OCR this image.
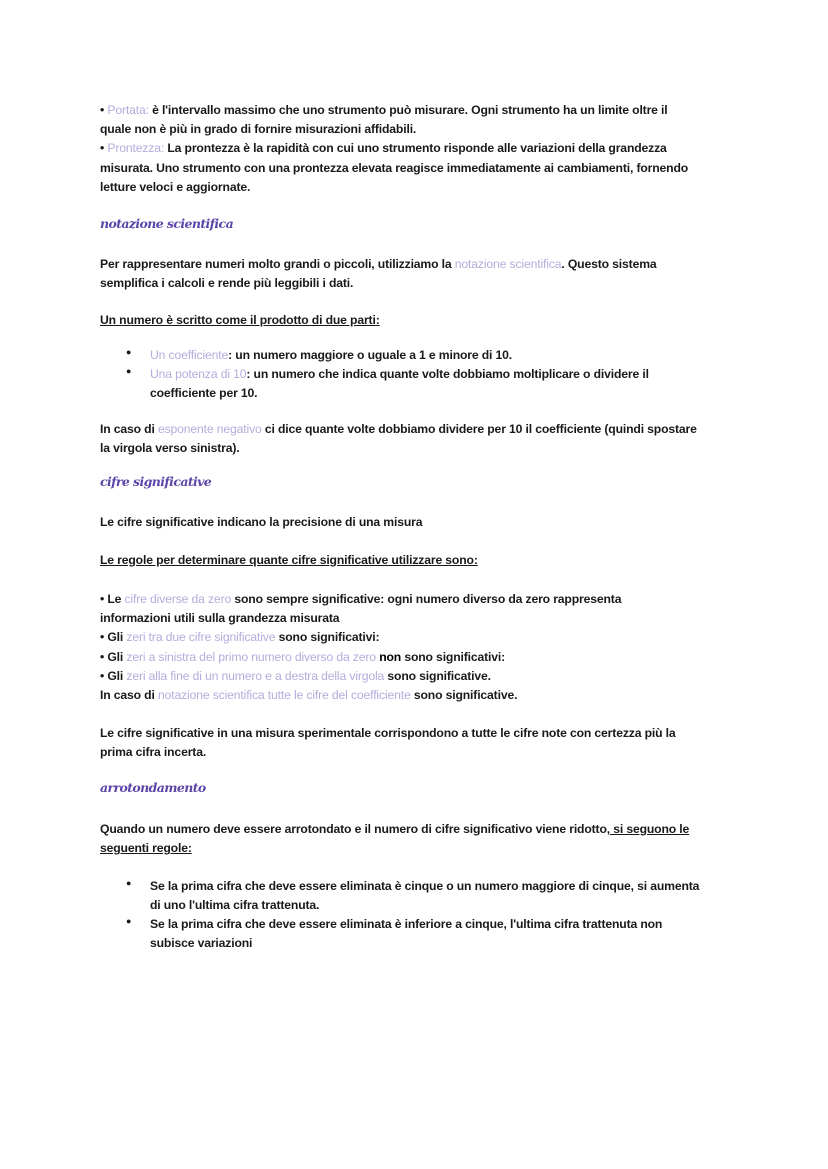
• Portata: è l'intervallo massimo che uno strumento può misurare. Ogni strumento ha un limite oltre il
quale non è più in grado di fornire misurazioni affidabili.
• Prontezza: La prontezza è la rapidità con cui uno strumento risponde alle variazioni della grandezza
misurata. Uno strumento con una prontezza elevata reagisce immediatamente ai cambiamenti, fornendo
letture veloci e aggiornate.
notazione scientifica
Per rappresentare numeri molto grandi o piccoli, utilizziamo la notazione scientifica. Questo sistema
semplifica i calcoli e rende più leggibili i dati.
Un numero è scritto come il prodotto di due parti:
● Un coefficiente: un numero maggiore o uguale a 1 e minore di 10.
● Una potenza di 10: un numero che indica quante volte dobbiamo moltiplicare o dividere il
coefficiente per 10.
In caso di esponente negativo ci dice quante volte dobbiamo dividere per 10 il coefficiente (quindi spostare
la virgola verso sinistra).
cifre significative
Le cifre significative indicano la precisione di una misura
Le regole per determinare quante cifre significative utilizzare sono:
• Le cifre diverse da zero sono sempre significative: ogni numero diverso da zero rappresenta
informazioni utili sulla grandezza misurata
• Gli zeri tra due cifre significative sono significativi:
• Gli zeri a sinistra del primo numero diverso da zero non sono significativi:
• Gli zeri alla fine di un numero e a destra della virgola sono significative.
In caso di notazione scientifica tutte le cifre del coefficiente sono significative.
Le cifre significative in una misura sperimentale corrispondono a tutte le cifre note con certezza più la
prima cifra incerta.
arrotondamento
Quando un numero deve essere arrotondato e il numero di cifre significativo viene ridotto, si seguono le
seguenti regole:
● Se la prima cifra che deve essere eliminata è cinque o un numero maggiore di cinque, si aumenta
di uno l'ultima cifra trattenuta.
● Se la prima cifra che deve essere eliminata è inferiore a cinque, l'ultima cifra trattenuta non
subisce variazioni
